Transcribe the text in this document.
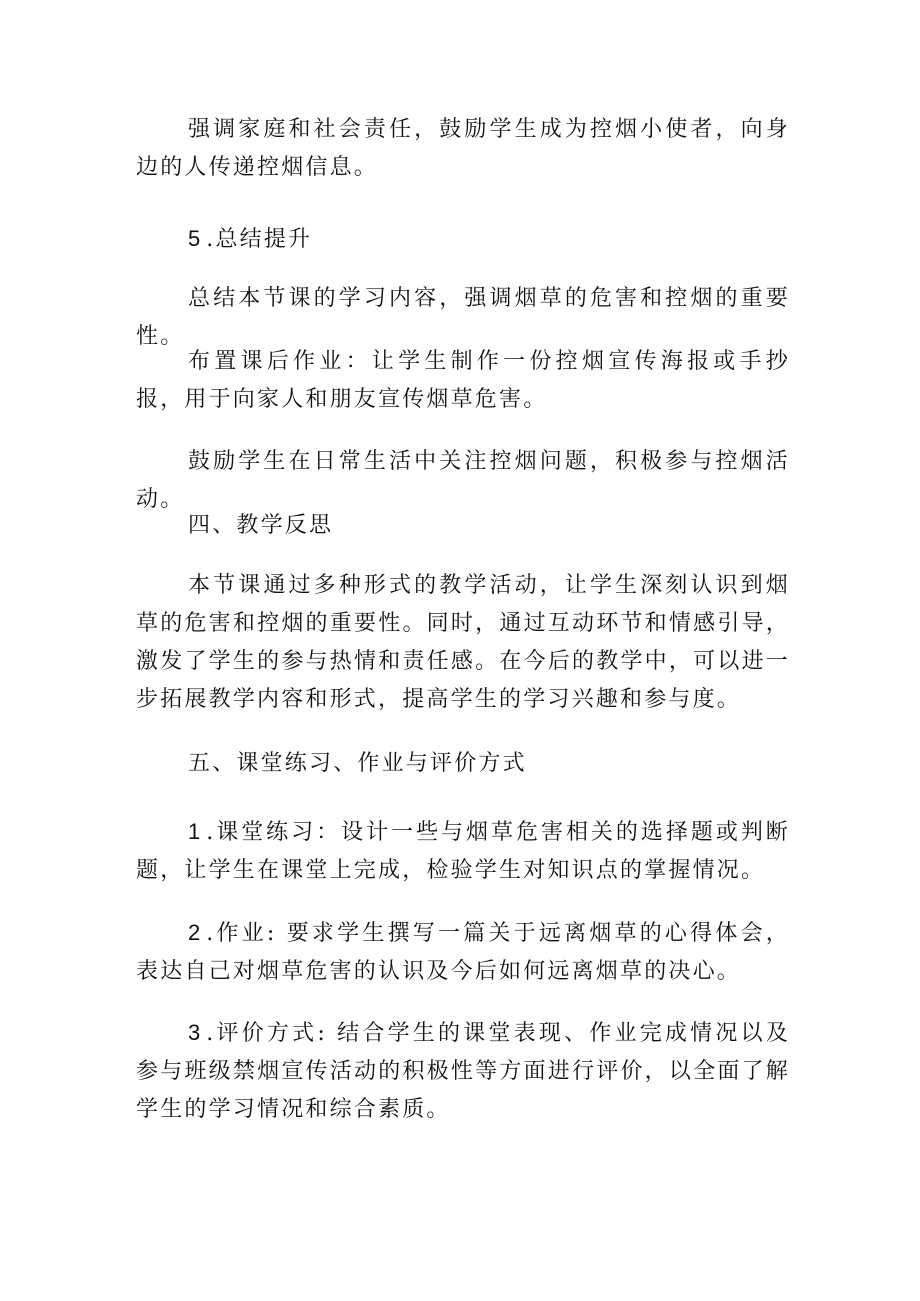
强调家庭和社会责任，鼓励学生成为控烟小使者，向身边的人传递控烟信息。

5.总结提升

总结本节课的学习内容，强调烟草的危害和控烟的重要性。

布置课后作业：让学生制作一份控烟宣传海报或手抄报，用于向家人和朋友宣传烟草危害。

鼓励学生在日常生活中关注控烟问题，积极参与控烟活动。

四、教学反思

本节课通过多种形式的教学活动，让学生深刻认识到烟草的危害和控烟的重要性。同时，通过互动环节和情感引导，激发了学生的参与热情和责任感。在今后的教学中，可以进一步拓展教学内容和形式，提高学生的学习兴趣和参与度。

五、课堂练习、作业与评价方式

1.课堂练习：设计一些与烟草危害相关的选择题或判断题，让学生在课堂上完成，检验学生对知识点的掌握情况。

2.作业: 要求学生撰写一篇关于远离烟草的心得体会，表达自己对烟草危害的认识及今后如何远离烟草的决心。

3.评价方式: 结合学生的课堂表现、作业完成情况以及参与班级禁烟宣传活动的积极性等方面进行评价，以全面了解学生的学习情况和综合素质。
